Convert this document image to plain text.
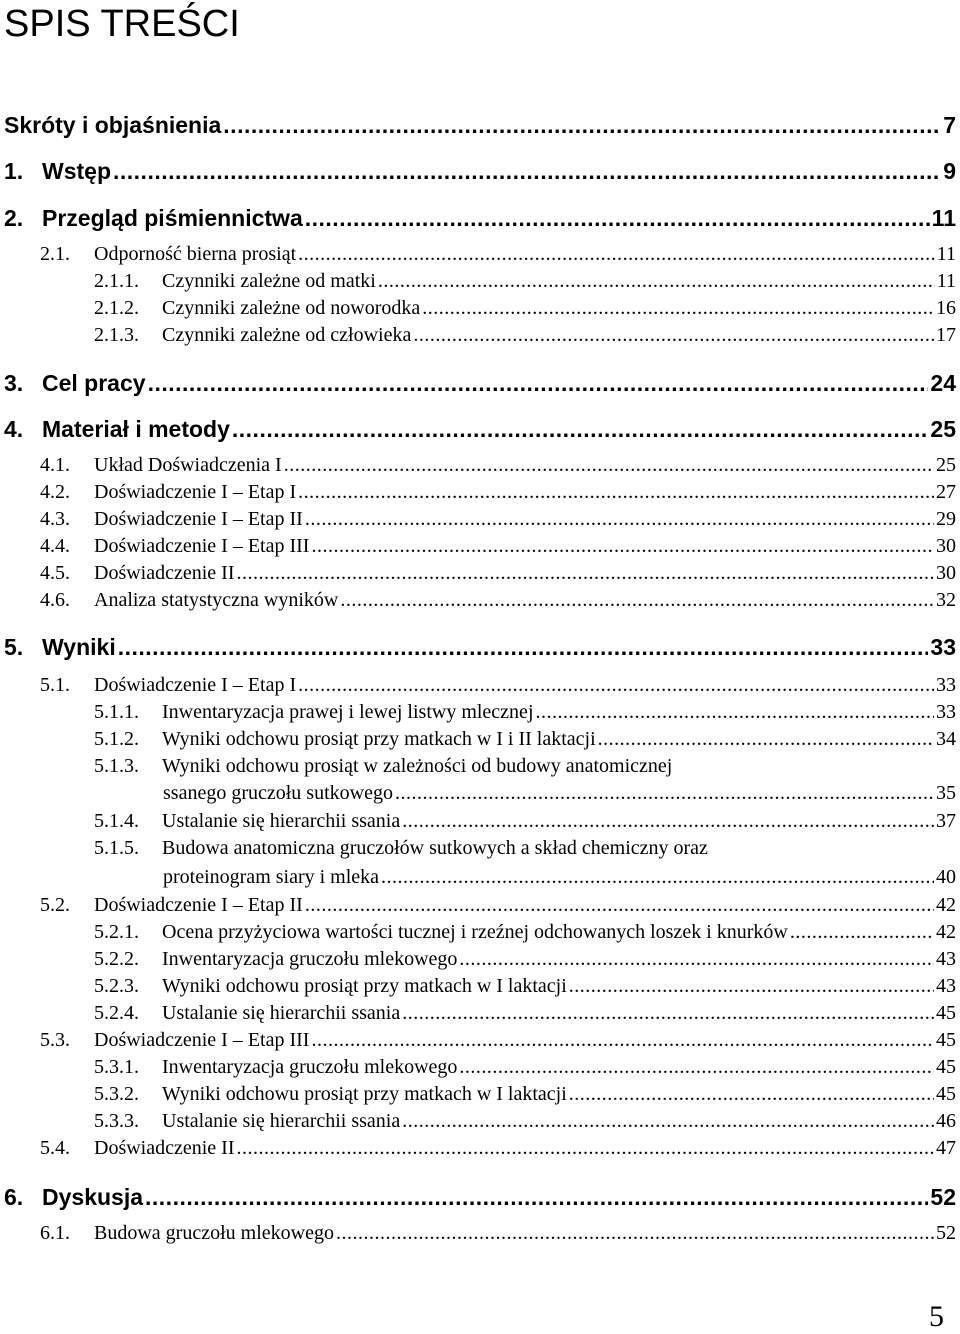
SPIS TREŚCI
Skróty i objaśnienia .....	7
1. Wstęp .....	9
2. Przegląd piśmiennictwa .....	11
2.1.	Odporność bierna prosiąt .....	11
2.1.1.	Czynniki zależne od matki .....	11
2.1.2.	Czynniki zależne od noworodka .....	16
2.1.3.	Czynniki zależne od człowieka .....	17
3. Cel pracy .....	24
4. Materiał i metody .....	25
4.1.	Układ Doświadczenia I .....	25
4.2.	Doświadczenie I – Etap I .....	27
4.3.	Doświadczenie I – Etap II .....	29
4.4.	Doświadczenie I – Etap III .....	30
4.5.	Doświadczenie II .....	30
4.6.	Analiza statystyczna wyników .....	32
5. Wyniki .....	33
5.1.	Doświadczenie I – Etap I .....	33
5.1.1.	Inwentaryzacja prawej i lewej listwy mlecznej .....	33
5.1.2.	Wyniki odchowu prosiąt przy matkach w I i II laktacji .....	34
5.1.3.	Wyniki odchowu prosiąt w zależności od budowy anatomicznej
ssanego gruczołu sutkowego .....	35
5.1.4.	Ustalanie się hierarchii ssania .....	37
5.1.5.	Budowa anatomiczna gruczołów sutkowych a skład chemiczny oraz
proteinogram siary i mleka .....	40
5.2.	Doświadczenie I – Etap II .....	42
5.2.1.	Ocena przyżyciowa wartości tucznej i rzeźnej odchowanych loszek i knurków .....	42
5.2.2.	Inwentaryzacja gruczołu mlekowego .....	43
5.2.3.	Wyniki odchowu prosiąt przy matkach w I laktacji .....	43
5.2.4.	Ustalanie się hierarchii ssania .....	45
5.3.	Doświadczenie I – Etap III .....	45
5.3.1.	Inwentaryzacja gruczołu mlekowego .....	45
5.3.2.	Wyniki odchowu prosiąt przy matkach w I laktacji .....	45
5.3.3.	Ustalanie się hierarchii ssania .....	46
5.4.	Doświadczenie II .....	47
6. Dyskusja .....	52
6.1.	Budowa gruczołu mlekowego .....	52
5
